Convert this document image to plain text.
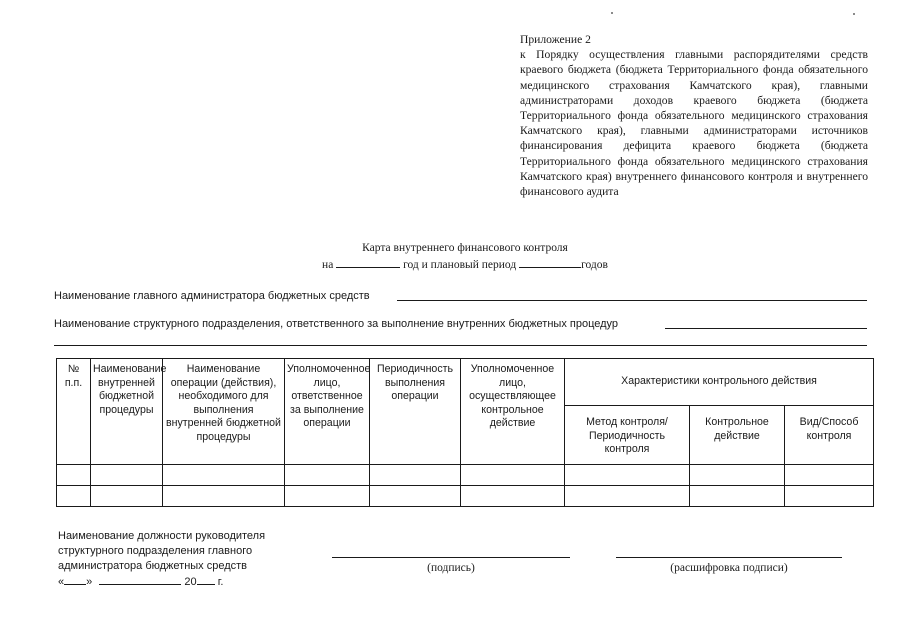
Приложение 2
к Порядку осуществления главными распорядителями средств краевого бюджета (бюджета Территориального фонда обязательного медицинского страхования Камчатского края), главными администраторами доходов краевого бюджета (бюджета Территориального фонда обязательного медицинского страхования Камчатского края), главными администраторами источников финансирования дефицита краевого бюджета (бюджета Территориального фонда обязательного медицинского страхования Камчатского края) внутреннего финансового контроля и внутреннего финансового аудита
Карта внутреннего финансового контроля
на	год и плановый период	годов
Наименование главного администратора бюджетных средств
Наименование структурного подразделения, ответственного за выполнение внутренних бюджетных процедур
№ п.п.	Наименование внутренней бюджетной процедуры	Наименование операции (действия), необходимого для выполнения внутренней бюджетной процедуры	Уполномоченное лицо, ответственное за выполнение операции	Периодичность выполнения операции	Уполномоченное лицо, осуществляющее контрольное действие	Характеристики контрольного действия		
						Метод контроля/ Периодичность контроля	Контрольное действие	Вид/Способ контроля

Наименование должности руководителя структурного подразделения главного администратора бюджетных средств
« »	20 г.
(подпись)	(расшифровка подписи)
